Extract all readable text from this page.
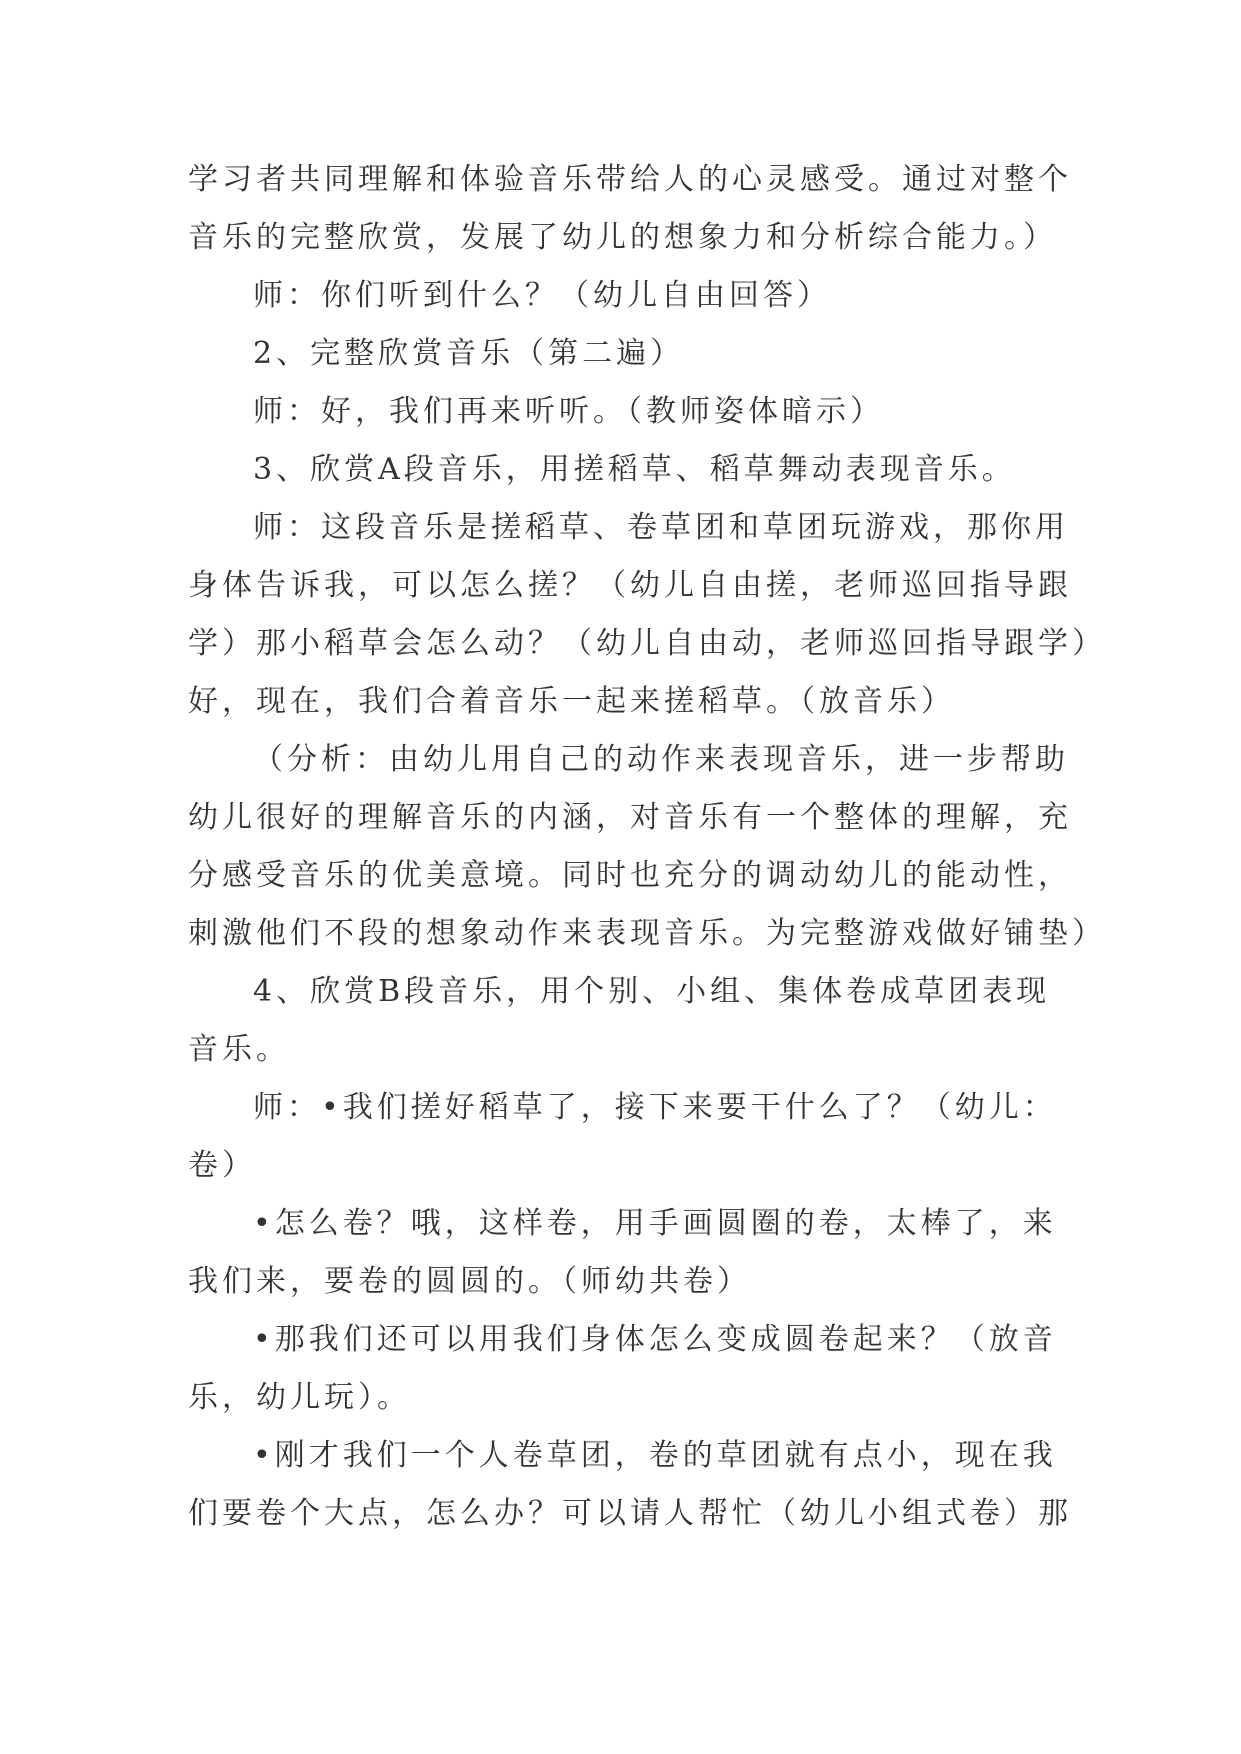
学习者共同理解和体验音乐带给人的心灵感受。通过对整个
音乐的完整欣赏，发展了幼儿的想象力和分析综合能力。）
师：你们听到什么？（幼儿自由回答）
2、完整欣赏音乐（第二遍）
师：好，我们再来听听。（教师姿体暗示）
3、欣赏A段音乐，用搓稻草、稻草舞动表现音乐。
师：这段音乐是搓稻草、卷草团和草团玩游戏，那你用
身体告诉我，可以怎么搓？（幼儿自由搓，老师巡回指导跟
学）那小稻草会怎么动？（幼儿自由动，老师巡回指导跟学）
好，现在，我们合着音乐一起来搓稻草。（放音乐）
（分析：由幼儿用自己的动作来表现音乐，进一步帮助
幼儿很好的理解音乐的内涵，对音乐有一个整体的理解，充
分感受音乐的优美意境。同时也充分的调动幼儿的能动性，
刺激他们不段的想象动作来表现音乐。为完整游戏做好铺垫）
4、欣赏B段音乐，用个别、小组、集体卷成草团表现
音乐。
师：•我们搓好稻草了，接下来要干什么了？（幼儿：
卷）
•怎么卷？哦，这样卷，用手画圆圈的卷，太棒了，来
我们来，要卷的圆圆的。（师幼共卷）
•那我们还可以用我们身体怎么变成圆卷起来？（放音
乐，幼儿玩）。
•刚才我们一个人卷草团，卷的草团就有点小，现在我
们要卷个大点，怎么办？可以请人帮忙（幼儿小组式卷）那
